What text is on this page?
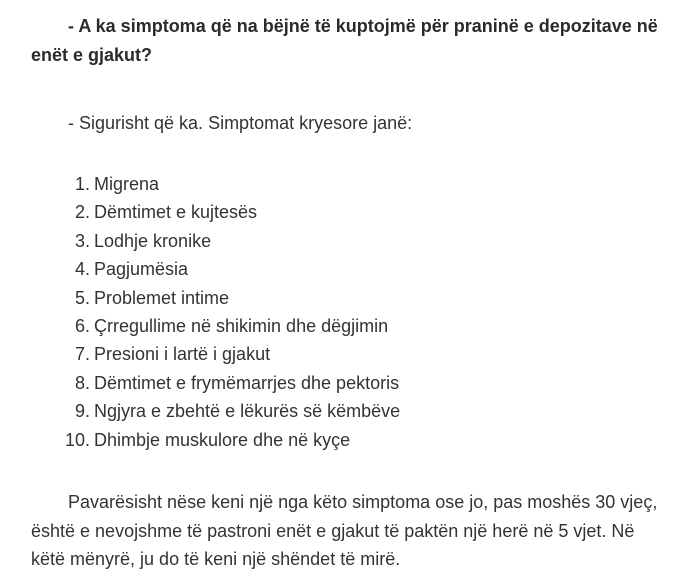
- A ka simptoma që na bëjnë të kuptojmë për praninë e depozitave në enët e gjakut?

- Sigurisht që ka. Simptomat kryesore janë:

1. Migrena
2. Dëmtimet e kujtesës
3. Lodhje kronike
4. Pagjumësia
5. Problemet intime
6. Çrregullime në shikimin dhe dëgjimin
7. Presioni i lartë i gjakut
8. Dëmtimet e frymëmarrjes dhe pektoris
9. Ngjyra e zbehtë e lëkurës së këmbëve
10. Dhimbje muskulore dhe në kyçe

Pavarësisht nëse keni një nga këto simptoma ose jo, pas moshës 30 vjeç, është e nevojshme të pastroni enët e gjakut të paktën një herë në 5 vjet. Në këtë mënyrë, ju do të keni një shëndet të mirë.
